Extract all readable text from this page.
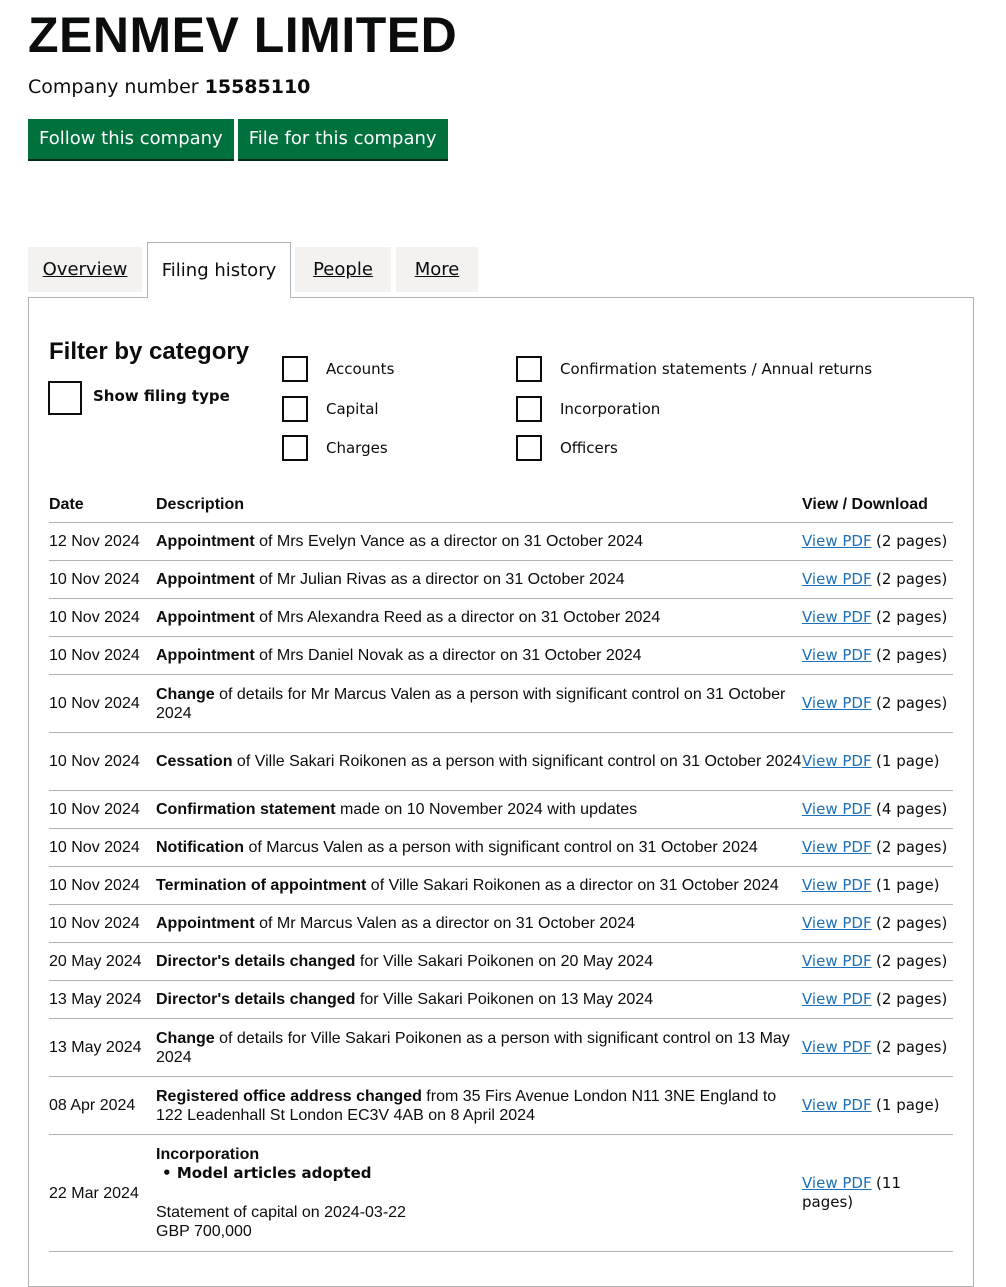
ZENMEV LIMITED
Company number 15585110
Follow this company	File for this company
Overview	Filing history	People	More
Filter by category
Show filing type
Accounts
Capital
Charges
Confirmation statements / Annual returns
Incorporation
Officers
Date	Description	View / Download
12 Nov 2024	Appointment of Mrs Evelyn Vance as a director on 31 October 2024	View PDF (2 pages)
10 Nov 2024	Appointment of Mr Julian Rivas as a director on 31 October 2024	View PDF (2 pages)
10 Nov 2024	Appointment of Mrs Alexandra Reed as a director on 31 October 2024	View PDF (2 pages)
10 Nov 2024	Appointment of Mrs Daniel Novak as a director on 31 October 2024	View PDF (2 pages)
10 Nov 2024	Change of details for Mr Marcus Valen as a person with significant control on 31 October 2024	View PDF (2 pages)
10 Nov 2024	Cessation of Ville Sakari Roikonen as a person with significant control on 31 October 2024	View PDF (1 page)
10 Nov 2024	Confirmation statement made on 10 November 2024 with updates	View PDF (4 pages)
10 Nov 2024	Notification of Marcus Valen as a person with significant control on 31 October 2024	View PDF (2 pages)
10 Nov 2024	Termination of appointment of Ville Sakari Roikonen as a director on 31 October 2024	View PDF (1 page)
10 Nov 2024	Appointment of Mr Marcus Valen as a director on 31 October 2024	View PDF (2 pages)
20 May 2024	Director's details changed for Ville Sakari Poikonen on 20 May 2024	View PDF (2 pages)
13 May 2024	Director's details changed for Ville Sakari Poikonen on 13 May 2024	View PDF (2 pages)
13 May 2024	Change of details for Ville Sakari Poikonen as a person with significant control on 13 May 2024	View PDF (2 pages)
08 Apr 2024	Registered office address changed from 35 Firs Avenue London N11 3NE England to 122 Leadenhall St London EC3V 4AB on 8 April 2024	View PDF (1 page)
22 Mar 2024	Incorporation
• Model articles adopted
Statement of capital on 2024-03-22
GBP 700,000	View PDF (11 pages)
